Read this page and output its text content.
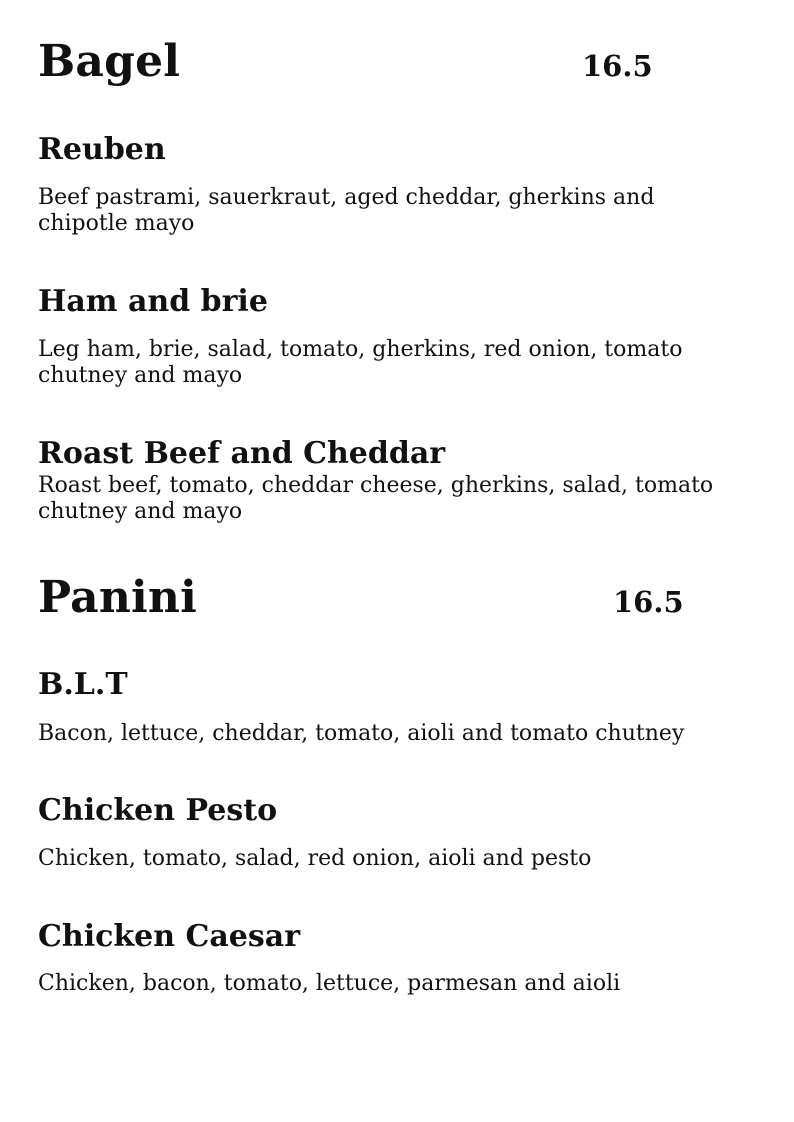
Bagel	16.5
Reuben

Beef pastrami, sauerkraut, aged cheddar, gherkins and chipotle mayo

Ham and brie

Leg ham, brie, salad, tomato, gherkins, red onion, tomato chutney and mayo

Roast Beef and Cheddar

Roast beef, tomato, cheddar cheese, gherkins, salad, tomato chutney and mayo

Panini	16.5
B.L.T

Bacon, lettuce, cheddar, tomato, aioli and tomato chutney

Chicken Pesto

Chicken, tomato, salad, red onion, aioli and pesto

Chicken Caesar

Chicken, bacon, tomato, lettuce, parmesan and aioli
